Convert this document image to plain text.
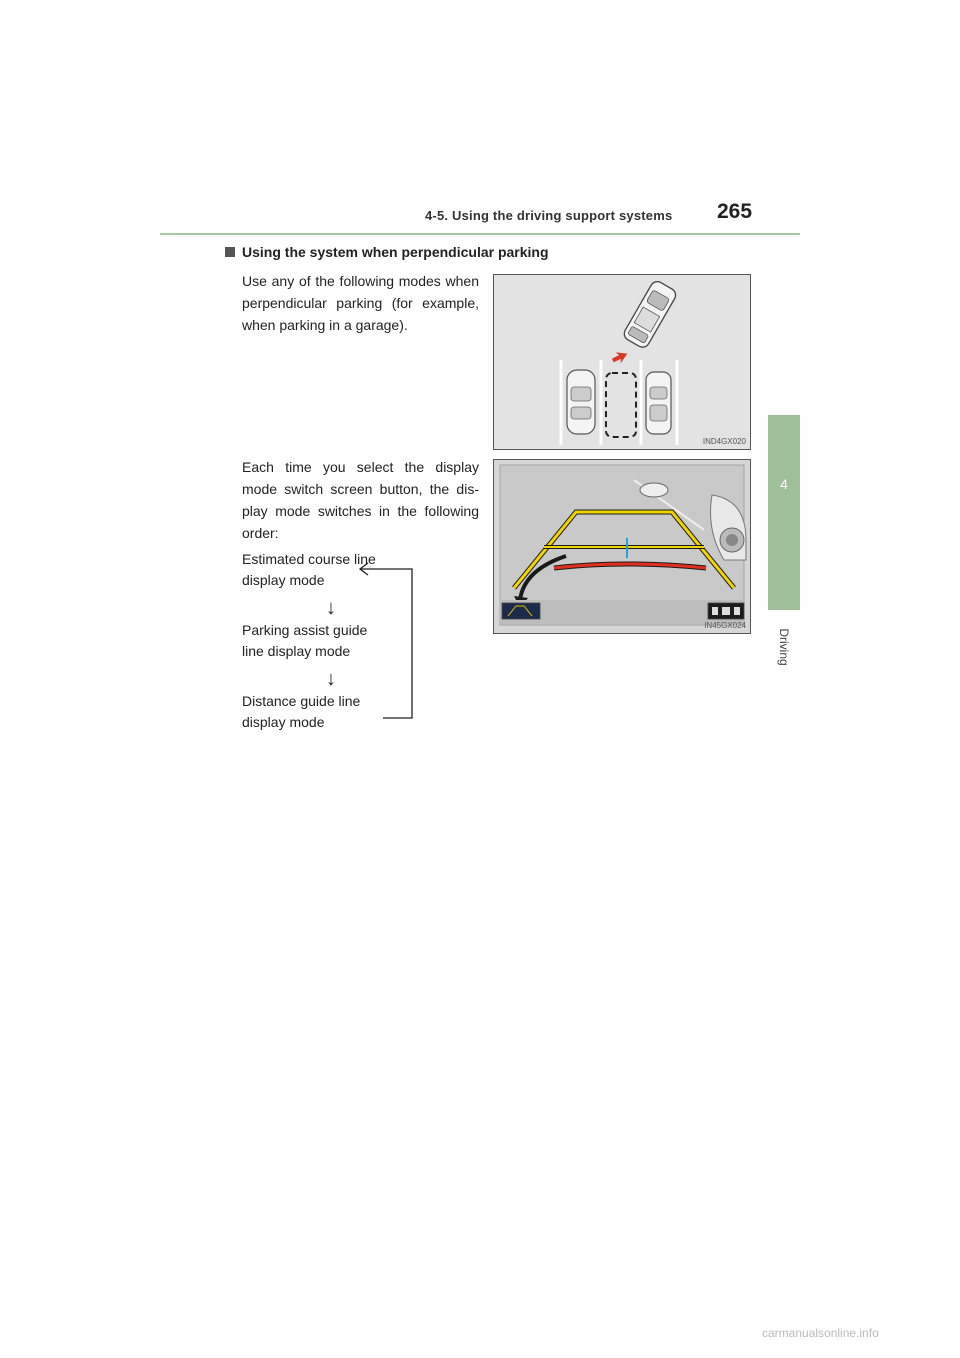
4-5. Using the driving support systems 265
4
Driving
Using the system when perpendicular parking
Use any of the following modes when perpendicular parking (for example, when parking in a garage).
Each time you select the display mode switch screen button, the dis-play mode switches in the following order:
Estimated course line display mode
↓
Parking assist guide line display mode
↓
Distance guide line display mode
IND4GX020
IN45GX024
carmanualsonline.info
